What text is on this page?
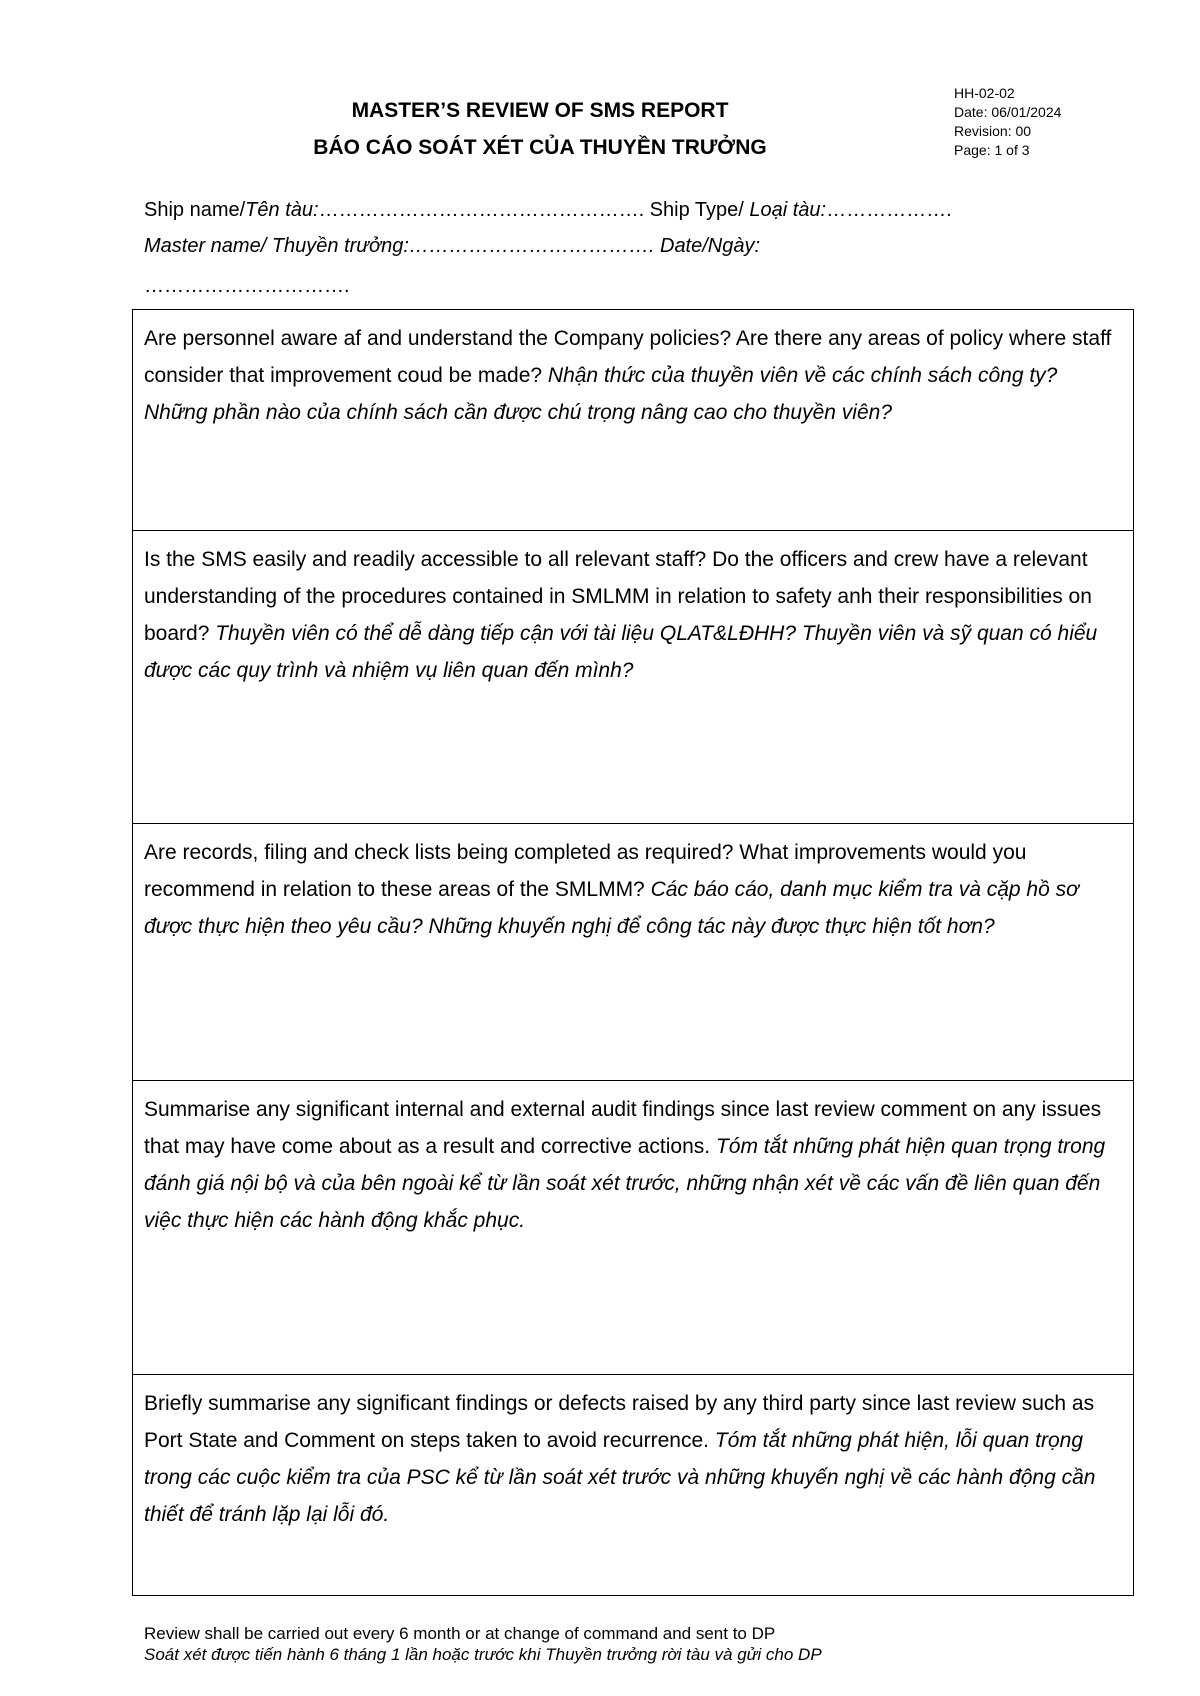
MASTER’S REVIEW OF SMS REPORT
BÁO CÁO SOÁT XÉT CỦA THUYỀN TRƯỞNG
HH-02-02
Date: 06/01/2024
Revision: 00
Page: 1 of 3
Ship name/Tên tàu:…………………………………………. Ship Type/ Loại tàu:……………….
Master name/ Thuyền trưởng:………………………………. Date/Ngày:
………………………….
Are personnel aware af and understand the Company policies? Are there any areas of policy where staff consider that improvement coud be made? Nhận thức của thuyền viên về các chính sách công ty? Những phần nào của chính sách cần được chú trọng nâng cao cho thuyền viên?
Is the SMS easily and readily accessible to all relevant staff? Do the officers and crew have a relevant understanding of the procedures contained in SMLMM in relation to safety anh their responsibilities on board? Thuyền viên có thể dễ dàng tiếp cận với tài liệu QLAT&LĐHH? Thuyền viên và sỹ quan có hiểu được các quy trình và nhiệm vụ liên quan đến mình?
Are records, filing and check lists being completed as required? What improvements would you recommend in relation to these areas of the SMLMM? Các báo cáo, danh mục kiểm tra và cặp hồ sơ được thực hiện theo yêu cầu? Những khuyến nghị để công tác này được thực hiện tốt hơn?
Summarise any significant internal and external audit findings since last review comment on any issues that may have come about as a result and corrective actions. Tóm tắt những phát hiện quan trọng trong đánh giá nội bộ và của bên ngoài kể từ lần soát xét trước, những nhận xét về các vấn đề liên quan đến việc thực hiện các hành động khắc phục.
Briefly summarise any significant findings or defects raised by any third party since last review such as Port State and Comment on steps taken to avoid recurrence. Tóm tắt những phát hiện, lỗi quan trọng trong các cuộc kiểm tra của PSC kể từ lần soát xét trước và những khuyến nghị về các hành động cần thiết để tránh lặp lại lỗi đó.
Review shall be carried out every 6 month or at change of command and sent to DP
Soát xét được tiến hành 6 tháng 1 lần hoặc trước khi Thuyền trưởng rời tàu và gửi cho DP
